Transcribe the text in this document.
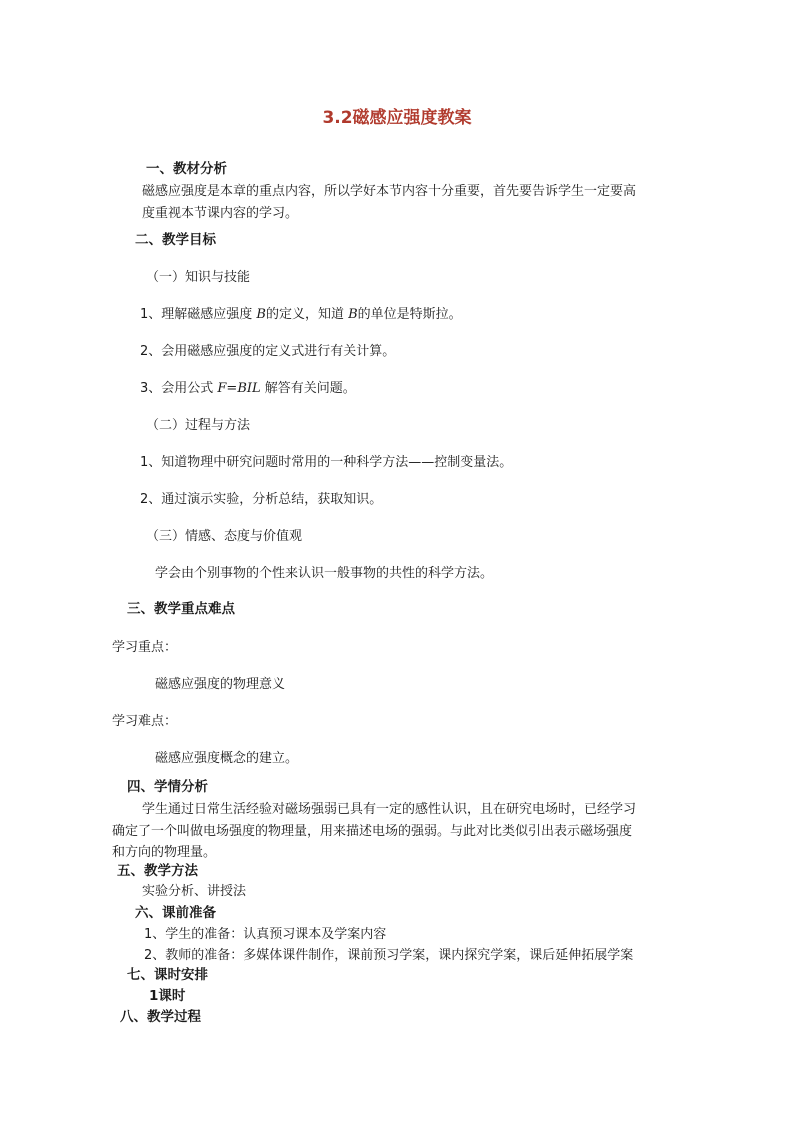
3.2磁感应强度教案
一、教材分析
磁感应强度是本章的重点内容，所以学好本节内容十分重要，首先要告诉学生一定要高
度重视本节课内容的学习。
二、教学目标
（一）知识与技能
1、理解磁感应强度 B的定义，知道 B的单位是特斯拉。
2、会用磁感应强度的定义式进行有关计算。
3、会用公式 F=BIL 解答有关问题。
（二）过程与方法
1、知道物理中研究问题时常用的一种科学方法——控制变量法。
2、通过演示实验，分析总结，获取知识。
（三）情感、态度与价值观
学会由个别事物的个性来认识一般事物的共性的科学方法。
三、教学重点难点
学习重点：
磁感应强度的物理意义
学习难点：
磁感应强度概念的建立。
四、学情分析
学生通过日常生活经验对磁场强弱已具有一定的感性认识，且在研究电场时，已经学习
确定了一个叫做电场强度的物理量，用来描述电场的强弱。与此对比类似引出表示磁场强度
和方向的物理量。
五、教学方法
实验分析、讲授法
六、课前准备
1、学生的准备：认真预习课本及学案内容
2、教师的准备：多媒体课件制作，课前预习学案，课内探究学案，课后延伸拓展学案
七、课时安排
1课时
八、教学过程
